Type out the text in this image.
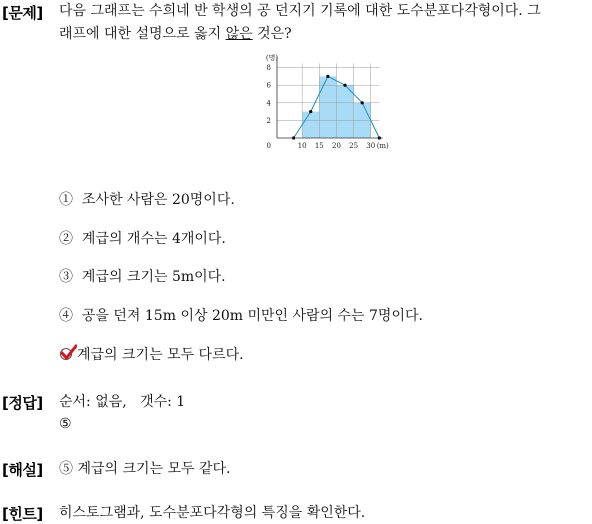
[문제] 다음 그래프는 수희네 반 학생의 공 던지기 기록에 대한 도수분포다각형이다. 그
래프에 대한 설명으로 옳지 않은 것은?
(명)
2
4
6
8
0	10 15 20 25 30 (m)
① 조사한 사람은 20명이다.
② 계급의 개수는 4개이다.
③ 계급의 크기는 5m이다.
④ 공을 던져 15m 이상 20m 미만인 사람의 수는 7명이다.
계급의 크기는 모두 다르다.
[정답] 순서: 없음,   갯수: 1
⑤
[해설] ⑤ 계급의 크기는 모두 같다.
[힌트] 히스토그램과, 도수분포다각형의 특징을 확인한다.
